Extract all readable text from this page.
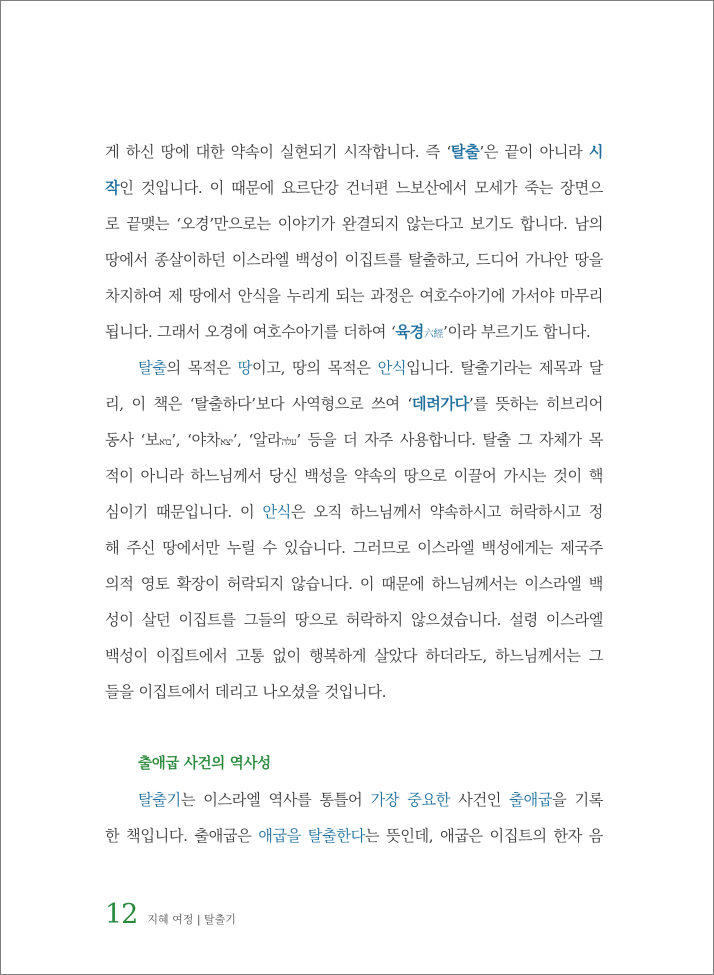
게 하신 땅에 대한 약속이 실현되기 시작합니다. 즉 ‘탈출’은 끝이 아니라 시
작인 것입니다. 이 때문에 요르단강 건너편 느보산에서 모세가 죽는 장면으
로 끝맺는 ‘오경’만으로는 이야기가 완결되지 않는다고 보기도 합니다. 남의
땅에서 종살이하던 이스라엘 백성이 이집트를 탈출하고, 드디어 가나안 땅을
차지하여 제 땅에서 안식을 누리게 되는 과정은 여호수아기에 가서야 마무리
됩니다. 그래서 오경에 여호수아기를 더하여 ‘육경六經’이라 부르기도 합니다.
탈출의 목적은 땅이고, 땅의 목적은 안식입니다. 탈출기라는 제목과 달
리, 이 책은 ‘탈출하다’보다 사역형으로 쓰여 ‘데려가다’를 뜻하는 히브리어
동사 ‘보בוא’, ‘야차יצא’, ‘알라עלה’ 등을 더 자주 사용합니다. 탈출 그 자체가 목
적이 아니라 하느님께서 당신 백성을 약속의 땅으로 이끌어 가시는 것이 핵
심이기 때문입니다. 이 안식은 오직 하느님께서 약속하시고 허락하시고 정
해 주신 땅에서만 누릴 수 있습니다. 그러므로 이스라엘 백성에게는 제국주
의적 영토 확장이 허락되지 않습니다. 이 때문에 하느님께서는 이스라엘 백
성이 살던 이집트를 그들의 땅으로 허락하지 않으셨습니다. 설령 이스라엘
백성이 이집트에서 고통 없이 행복하게 살았다 하더라도, 하느님께서는 그
들을 이집트에서 데리고 나오셨을 것입니다.
출애굽 사건의 역사성
탈출기는 이스라엘 역사를 통틀어 가장 중요한 사건인 출애굽을 기록
한 책입니다. 출애굽은 애굽을 탈출한다는 뜻인데, 애굽은 이집트의 한자 음
12 지혜 여정 | 탈출기
